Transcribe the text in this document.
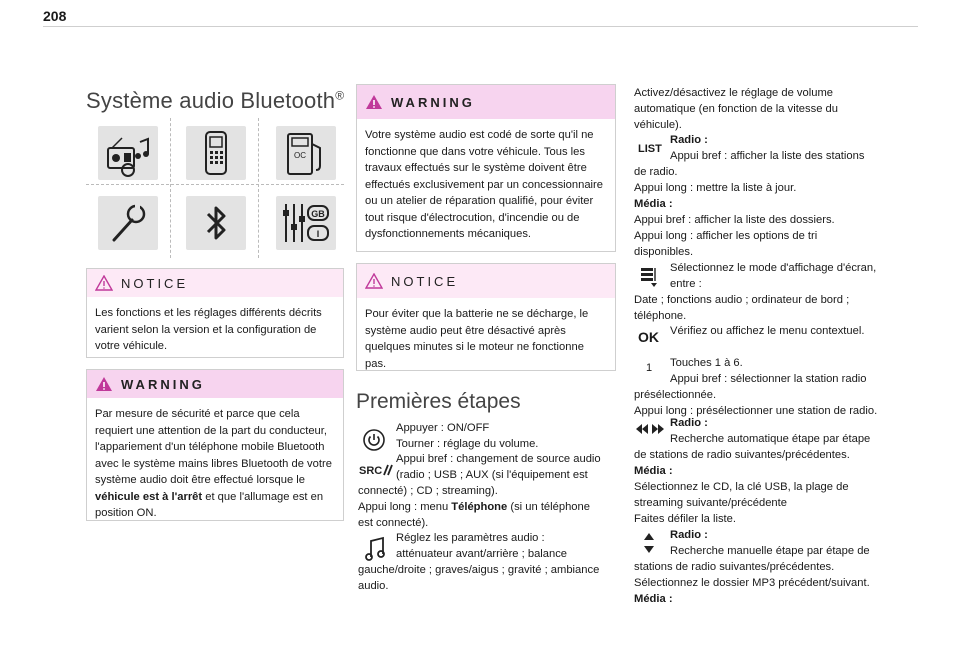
208
Système audio Bluetooth®
OC
GB
I
NOTICE
Les fonctions et les réglages différents décrits varient selon la version et la configuration de votre véhicule.
WARNING
Par mesure de sécurité et parce que cela requiert une attention de la part du conducteur, l'appariement d'un téléphone mobile Bluetooth avec le système mains libres Bluetooth de votre système audio doit être effectué lorsque le véhicule est à l'arrêt et que l'allumage est en position ON.
WARNING
Votre système audio est codé de sorte qu'il ne fonctionne que dans votre véhicule. Tous les travaux effectués sur le système doivent être effectués exclusivement par un concessionnaire ou un atelier de réparation qualifié, pour éviter tout risque d'électrocution, d'incendie ou de dysfonctionnements mécaniques.
NOTICE
Pour éviter que la batterie ne se décharge, le système audio peut être désactivé après quelques minutes si le moteur ne fonctionne pas.
Premières étapes
Appuyer : ON/OFF
Tourner : réglage du volume.
SRC
Appui bref : changement de source audio
(radio ; USB ; AUX (si l'équipement est
connecté) ; CD ; streaming).
Appui long : menu Téléphone (si un téléphone
est connecté).
Réglez les paramètres audio :
atténuateur avant/arrière ; balance
gauche/droite ; graves/aigus ; gravité ; ambiance
audio.
Activez/désactivez le réglage de volume
automatique (en fonction de la vitesse du
véhicule).
LIST
Radio :
Appui bref : afficher la liste des stations
de radio.
Appui long : mettre la liste à jour.
Média :
Appui bref : afficher la liste des dossiers.
Appui long : afficher les options de tri
disponibles.
Sélectionnez le mode d'affichage d'écran,
entre :
Date ; fonctions audio ; ordinateur de bord ;
téléphone.
OK Vérifiez ou affichez le menu contextuel.
1 Touches 1 à 6.
Appui bref : sélectionner la station radio
présélectionnée.
Appui long : présélectionner une station de radio.
Radio :
Recherche automatique étape par étape
de stations de radio suivantes/précédentes.
Média :
Sélectionnez le CD, la clé USB, la plage de
streaming suivante/précédente
Faites défiler la liste.
Radio :
Recherche manuelle étape par étape de
stations de radio suivantes/précédentes.
Sélectionnez le dossier MP3 précédent/suivant.
Média :
